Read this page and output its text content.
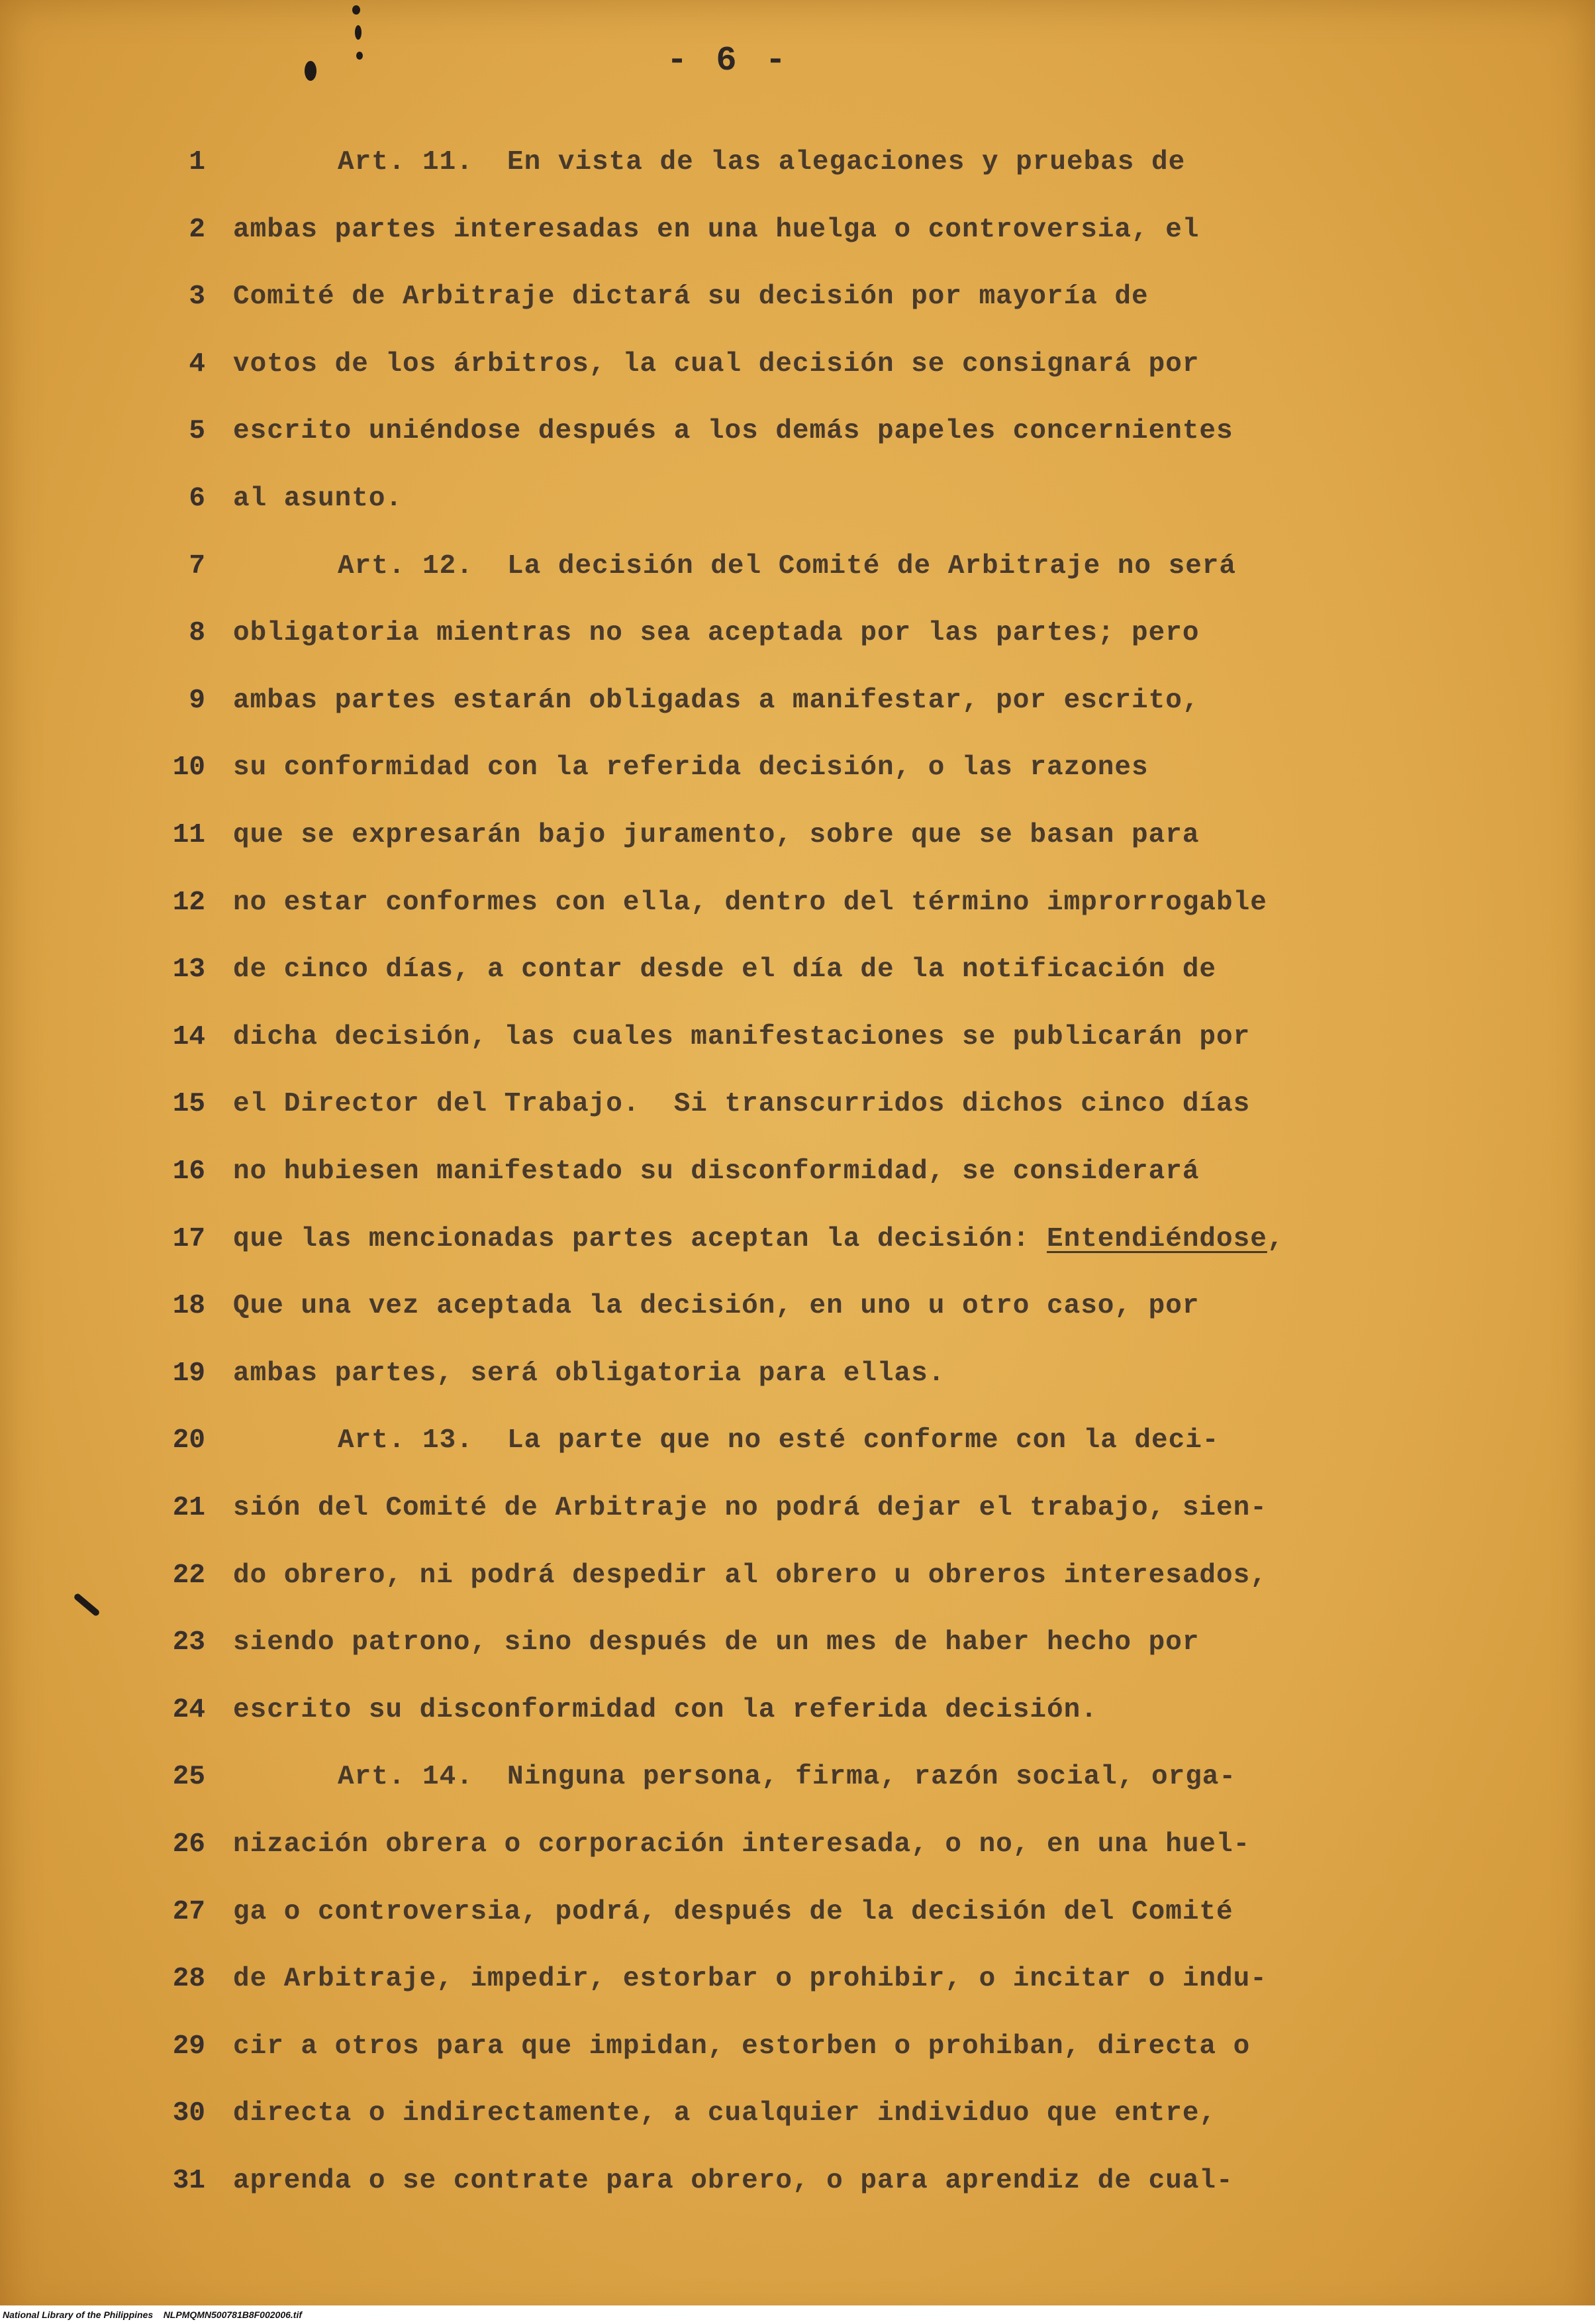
- 6 -
1	Art. 11.  En vista de las alegaciones y pruebas de
2 ambas partes interesadas en una huelga o controversia, el
3 Comité de Arbitraje dictará su decisión por mayoría de
4 votos de los árbitros, la cual decisión se consignará por
5 escrito uniéndose después a los demás papeles concernientes
6 al asunto.
7	Art. 12.  La decisión del Comité de Arbitraje no será
8 obligatoria mientras no sea aceptada por las partes; pero
9 ambas partes estarán obligadas a manifestar, por escrito,
10 su conformidad con la referida decisión, o las razones
11 que se expresarán bajo juramento, sobre que se basan para
12 no estar conformes con ella, dentro del término improrrogable
13 de cinco días, a contar desde el día de la notificación de
14 dicha decisión, las cuales manifestaciones se publicarán por
15 el Director del Trabajo.  Si transcurridos dichos cinco días
16 no hubiesen manifestado su disconformidad, se considerará
17 que las mencionadas partes aceptan la decisión: Entendiéndose,
18 Que una vez aceptada la decisión, en uno u otro caso, por
19 ambas partes, será obligatoria para ellas.
20	Art. 13.  La parte que no esté conforme con la deci-
21 sión del Comité de Arbitraje no podrá dejar el trabajo, sien-
22 do obrero, ni podrá despedir al obrero u obreros interesados,
23 siendo patrono, sino después de un mes de haber hecho por
24 escrito su disconformidad con la referida decisión.
25	Art. 14.  Ninguna persona, firma, razón social, orga-
26 nización obrera o corporación interesada, o no, en una huel-
27 ga o controversia, podrá, después de la decisión del Comité
28 de Arbitraje, impedir, estorbar o prohibir, o incitar o indu-
29 cir a otros para que impidan, estorben o prohiban, directa o
30 directa o indirectamente, a cualquier individuo que entre,
31 aprenda o se contrate para obrero, o para aprendiz de cual-
National Library of the Philippines    NLPMQMN500781B8F002006.tif
